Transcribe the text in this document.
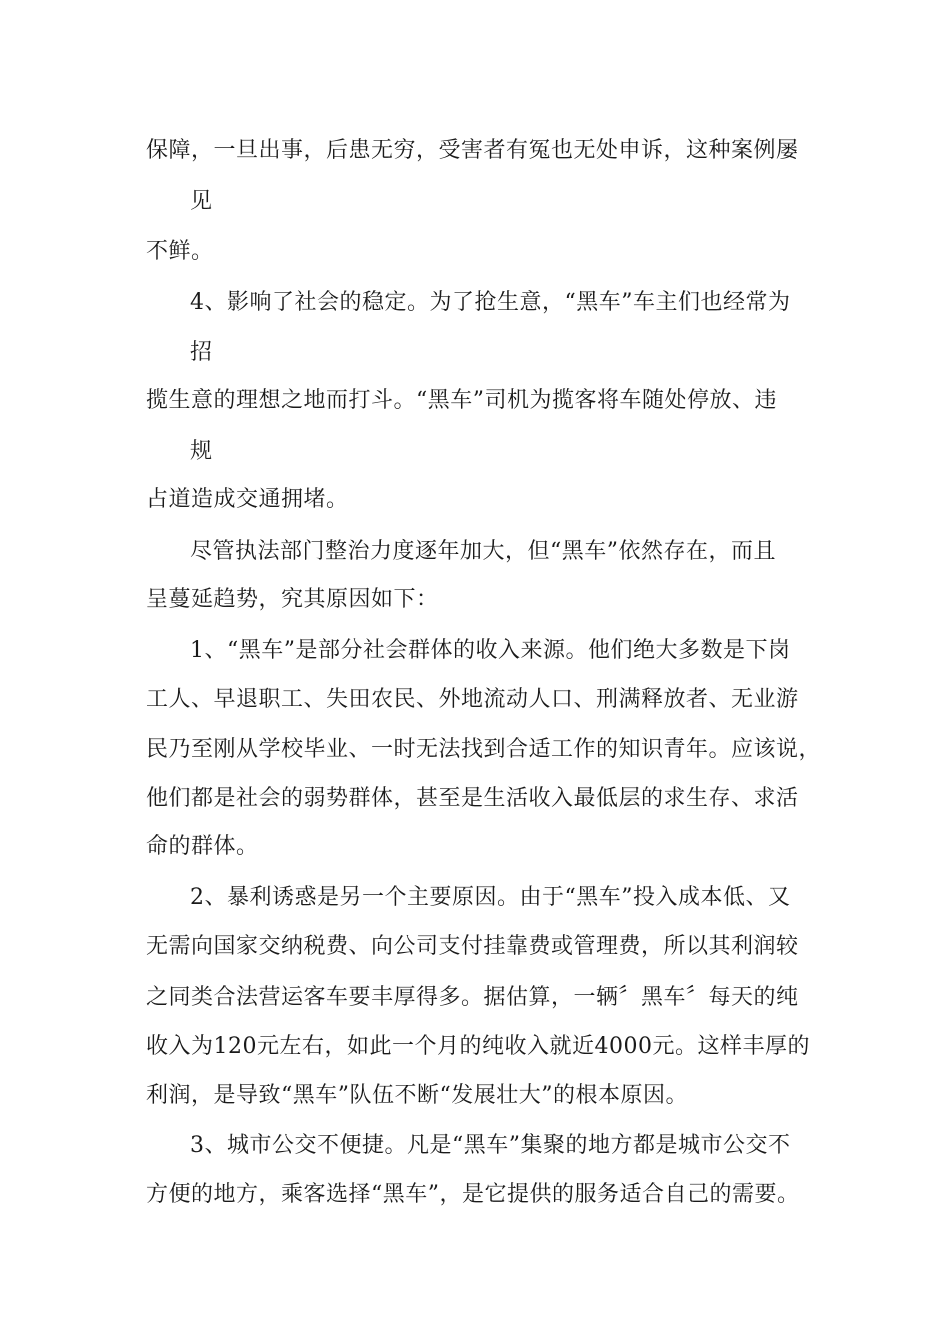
保障，一旦出事，后患无穷，受害者有冤也无处申诉，这种案例屡
见
不鲜。
4、影响了社会的稳定。为了抢生意，“黑车”车主们也经常为
招
揽生意的理想之地而打斗。“黑车”司机为揽客将车随处停放、违
规
占道造成交通拥堵。
尽管执法部门整治力度逐年加大，但“黑车”依然存在，而且
呈蔓延趋势，究其原因如下：
1、“黑车”是部分社会群体的收入来源。他们绝大多数是下岗
工人、早退职工、失田农民、外地流动人口、刑满释放者、无业游
民乃至刚从学校毕业、一时无法找到合适工作的知识青年。应该说，
他们都是社会的弱势群体，甚至是生活收入最低层的求生存、求活
命的群体。
2、暴利诱惑是另一个主要原因。由于“黑车”投入成本低、又
无需向国家交纳税费、向公司支付挂靠费或管理费，所以其利润较
之同类合法营运客车要丰厚得多。据估算，一辆〞黑车〞每天的纯
收入为120元左右，如此一个月的纯收入就近4000元。这样丰厚的
利润，是导致“黑车”队伍不断“发展壮大”的根本原因。
3、城市公交不便捷。凡是“黑车”集聚的地方都是城市公交不
方便的地方，乘客选择“黑车”，是它提供的服务适合自己的需要。
